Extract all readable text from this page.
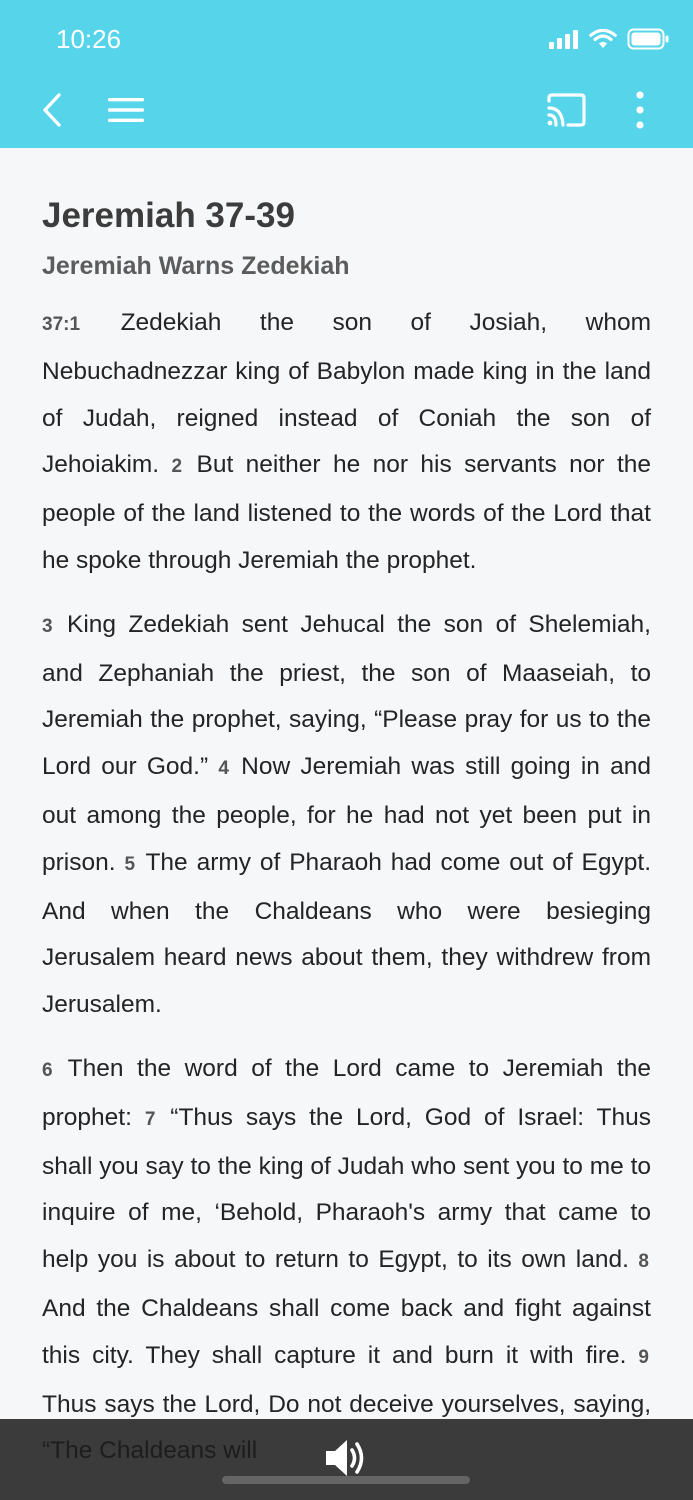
10:26
Jeremiah 37-39
Jeremiah Warns Zedekiah

37:1 Zedekiah the son of Josiah, whom Nebuchadnezzar king of Babylon made king in the land of Judah, reigned instead of Coniah the son of Jehoiakim. 2 But neither he nor his servants nor the people of the land listened to the words of the Lord that he spoke through Jeremiah the prophet.

3 King Zedekiah sent Jehucal the son of Shelemiah, and Zephaniah the priest, the son of Maaseiah, to Jeremiah the prophet, saying, “Please pray for us to the Lord our God.” 4 Now Jeremiah was still going in and out among the people, for he had not yet been put in prison. 5 The army of Pharaoh had come out of Egypt. And when the Chaldeans who were besieging Jerusalem heard news about them, they withdrew from Jerusalem.

6 Then the word of the Lord came to Jeremiah the prophet: 7 “Thus says the Lord, God of Israel: Thus shall you say to the king of Judah who sent you to me to inquire of me, ‘Behold, Pharaoh's army that came to help you is about to return to Egypt, to its own land. 8 And the Chaldeans shall come back and fight against this city. They shall capture it and burn it with fire. 9 Thus says the Lord, Do not deceive yourselves, saying,
